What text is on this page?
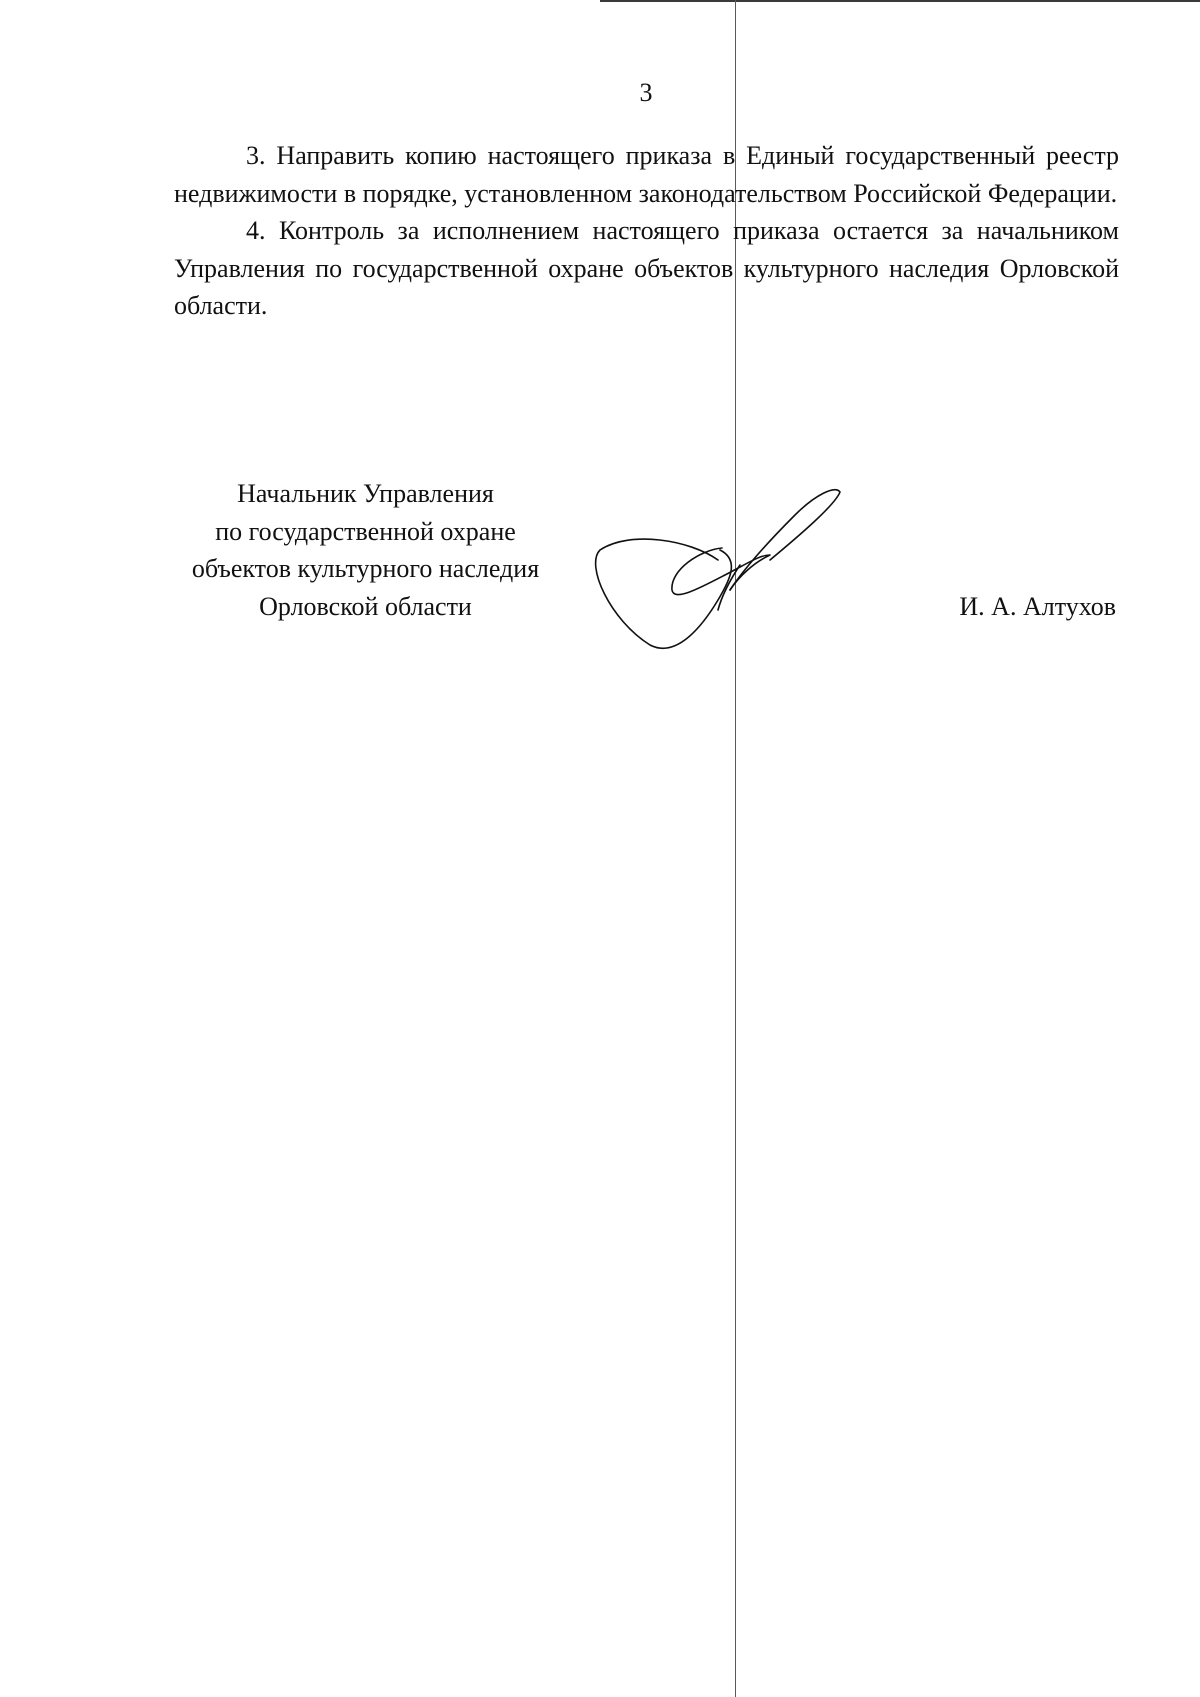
3

3. Направить копию настоящего приказа в Единый государственный реестр недвижимости в порядке, установленном законодательством Российской Федерации.

4. Контроль за исполнением настоящего приказа остается за начальником Управления по государственной охране объектов культурного наследия Орловской области.

Начальник Управления
по государственной охране
объектов культурного наследия
Орловской области	И. А. Алтухов
